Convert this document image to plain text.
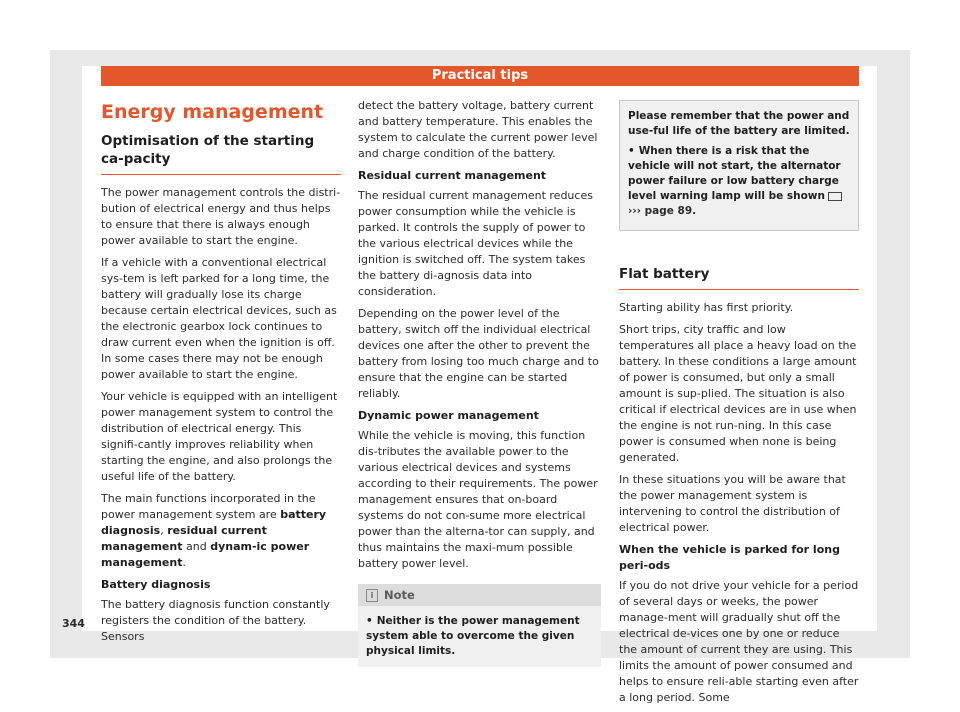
Practical tips
Energy management
Optimisation of the starting ca-pacity

The power management controls the distri-bution of electrical energy and thus helps to ensure that there is always enough power available to start the engine.

If a vehicle with a conventional electrical sys-tem is left parked for a long time, the battery will gradually lose its charge because certain electrical devices, such as the electronic gearbox lock continues to draw current even when the ignition is off. In some cases there may not be enough power available to start the engine.

Your vehicle is equipped with an intelligent power management system to control the distribution of electrical energy. This signifi-cantly improves reliability when starting the engine, and also prolongs the useful life of the battery.

The main functions incorporated in the power management system are battery diagnosis, residual current management and dynam-ic power management.

Battery diagnosis

The battery diagnosis function constantly registers the condition of the battery. Sensors

detect the battery voltage, battery current and battery temperature. This enables the system to calculate the current power level and charge condition of the battery.

Residual current management

The residual current management reduces power consumption while the vehicle is parked. It controls the supply of power to the various electrical devices while the ignition is switched off. The system takes the battery di-agnosis data into consideration.

Depending on the power level of the battery, switch off the individual electrical devices one after the other to prevent the battery from losing too much charge and to ensure that the engine can be started reliably.

Dynamic power management

While the vehicle is moving, this function dis-tributes the available power to the various electrical devices and systems according to their requirements. The power management ensures that on-board systems do not con-sume more electrical power than the alterna-tor can supply, and thus maintains the maxi-mum possible battery power level.

i Note
• Neither is the power management system able to overcome the given physical limits.

Please remember that the power and use-ful life of the battery are limited.

• When there is a risk that the vehicle will not start, the alternator power failure or low battery charge level warning lamp will be shown››› page 89.

Flat battery

Starting ability has first priority.

Short trips, city traffic and low temperatures all place a heavy load on the battery. In these conditions a large amount of power is consumed, but only a small amount is sup-plied. The situation is also critical if electrical devices are in use when the engine is not run-ning. In this case power is consumed when none is being generated.

In these situations you will be aware that the power management system is intervening to control the distribution of electrical power.

When the vehicle is parked for long peri-ods

If you do not drive your vehicle for a period of several days or weeks, the power manage-ment will gradually shut off the electrical de-vices one by one or reduce the amount of current they are using. This limits the amount of power consumed and helps to ensure reli-able starting even after a long period. Some

344
